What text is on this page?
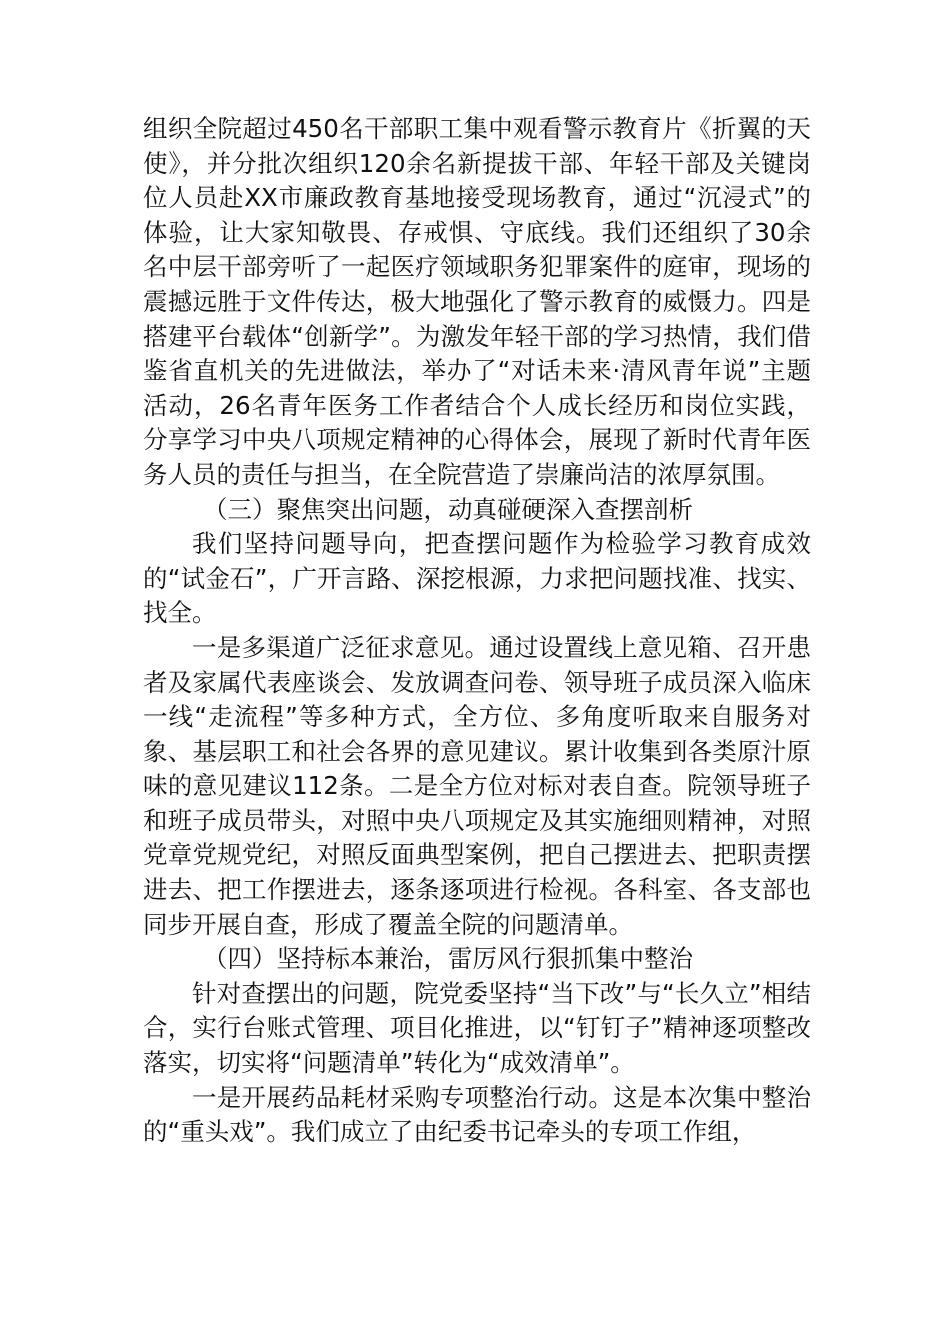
组织全院超过450名干部职工集中观看警示教育片《折翼的天使》，并分批次组织120余名新提拔干部、年轻干部及关键岗位人员赴XX市廉政教育基地接受现场教育，通过“沉浸式”的体验，让大家知敬畏、存戒惧、守底线。我们还组织了30余名中层干部旁听了一起医疗领域职务犯罪案件的庭审，现场的震撼远胜于文件传达，极大地强化了警示教育的威慑力。四是搭建平台载体“创新学”。为激发年轻干部的学习热情，我们借鉴省直机关的先进做法，举办了“对话未来·清风青年说”主题活动，26名青年医务工作者结合个人成长经历和岗位实践，分享学习中央八项规定精神的心得体会，展现了新时代青年医务人员的责任与担当，在全院营造了崇廉尚洁的浓厚氛围。

（三）聚焦突出问题，动真碰硬深入查摆剖析

我们坚持问题导向，把查摆问题作为检验学习教育成效的“试金石”，广开言路、深挖根源，力求把问题找准、找实、找全。

一是多渠道广泛征求意见。通过设置线上意见箱、召开患者及家属代表座谈会、发放调查问卷、领导班子成员深入临床一线“走流程”等多种方式，全方位、多角度听取来自服务对象、基层职工和社会各界的意见建议。累计收集到各类原汁原味的意见建议112条。二是全方位对标对表自查。院领导班子和班子成员带头，对照中央八项规定及其实施细则精神，对照党章党规党纪，对照反面典型案例，把自己摆进去、把职责摆进去、把工作摆进去，逐条逐项进行检视。各科室、各支部也同步开展自查，形成了覆盖全院的问题清单。

（四）坚持标本兼治，雷厉风行狠抓集中整治

针对查摆出的问题，院党委坚持“当下改”与“长久立”相结合，实行台账式管理、项目化推进，以“钉钉子”精神逐项整改落实，切实将“问题清单”转化为“成效清单”。

一是开展药品耗材采购专项整治行动。这是本次集中整治的“重头戏”。我们成立了由纪委书记牵头的专项工作组，
